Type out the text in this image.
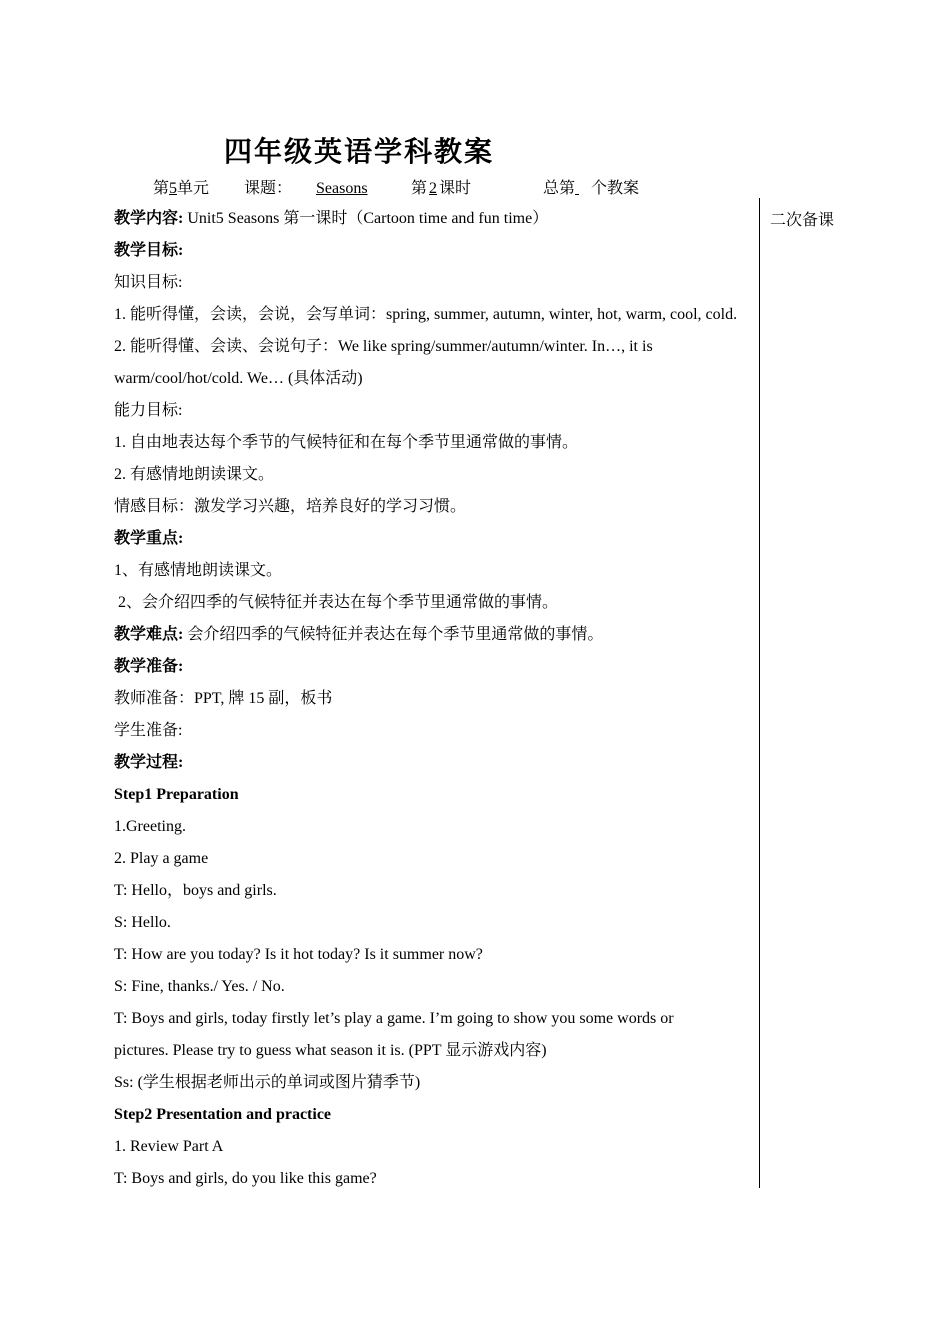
四年级英语学科教案
第5单元 课题： Seasons	第 2 课时	总第 个教案
二次备课
教学内容: Unit5 Seasons 第一课时（Cartoon time and fun time）
教学目标:
知识目标:
1. 能听得懂，会读，会说，会写单词：spring, summer, autumn, winter, hot, warm, cool, cold.
2. 能听得懂、会读、会说句子：We like spring/summer/autumn/winter. In…, it is
warm/cool/hot/cold. We… (具体活动)
能力目标:
1. 自由地表达每个季节的气候特征和在每个季节里通常做的事情。
2. 有感情地朗读课文。
情感目标：激发学习兴趣，培养良好的学习习惯。
教学重点:
1、有感情地朗读课文。
2、会介绍四季的气候特征并表达在每个季节里通常做的事情。
教学难点: 会介绍四季的气候特征并表达在每个季节里通常做的事情。
教学准备:
教师准备：PPT, 牌 15 副，板书
学生准备:
教学过程:
Step1 Preparation
1.Greeting.
2. Play a game
T: Hello，boys and girls.
S: Hello.
T: How are you today? Is it hot today? Is it summer now?
S: Fine, thanks./ Yes. / No.
T: Boys and girls, today firstly let’s play a game. I’m going to show you some words or
pictures. Please try to guess what season it is. (PPT 显示游戏内容)
Ss: (学生根据老师出示的单词或图片猜季节)
Step2 Presentation and practice
1. Review Part A
T: Boys and girls, do you like this game?
